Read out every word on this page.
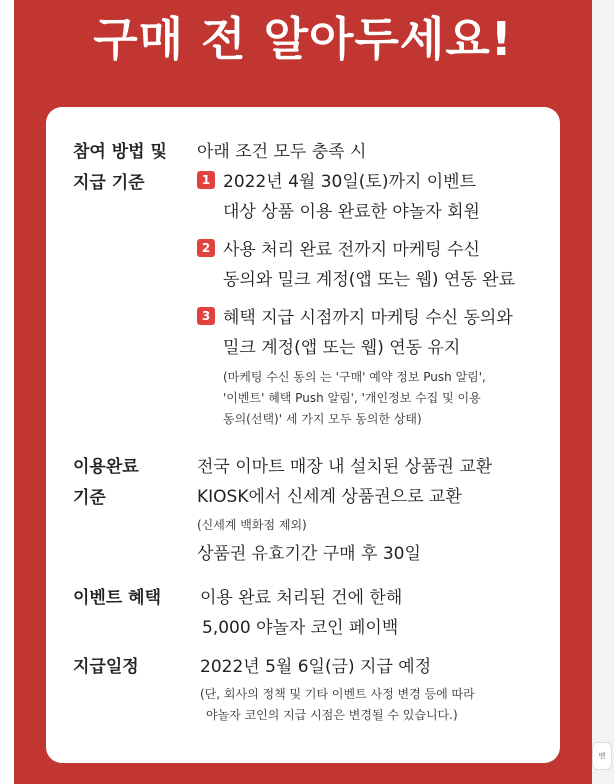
맨
구매 전 알아두세요!
참여 방법 및
지급 기준
아래 조건 모두 충족 시
1 2022년 4월 30일(토)까지 이벤트
대상 상품 이용 완료한 야놀자 회원
2 사용 처리 완료 전까지 마케팅 수신
동의와 밀크 계정(앱 또는 웹) 연동 완료
3 혜택 지급 시점까지 마케팅 수신 동의와
밀크 계정(앱 또는 웹) 연동 유지
(마케팅 수신 동의 는 '구매' 예약 정보 Push 알림',
'이벤트' 혜택 Push 알림', '개인정보 수집 및 이용
동의(선택)' 세 가지 모두 동의한 상태)
이용완료
기준
전국 이마트 매장 내 설치된 상품권 교환
KIOSK에서 신세계 상품권으로 교환
(신세계 백화점 제외)
상품권 유효기간 구매 후 30일
이벤트 혜택 이용 완료 처리된 건에 한해
5,000 야놀자 코인 페이백
지급일정	2022년 5월 6일(금) 지급 예정
(단, 회사의 정책 및 기타 이벤트 사정 변경 등에 따라
야놀자 코인의 지급 시점은 변경될 수 있습니다.)
